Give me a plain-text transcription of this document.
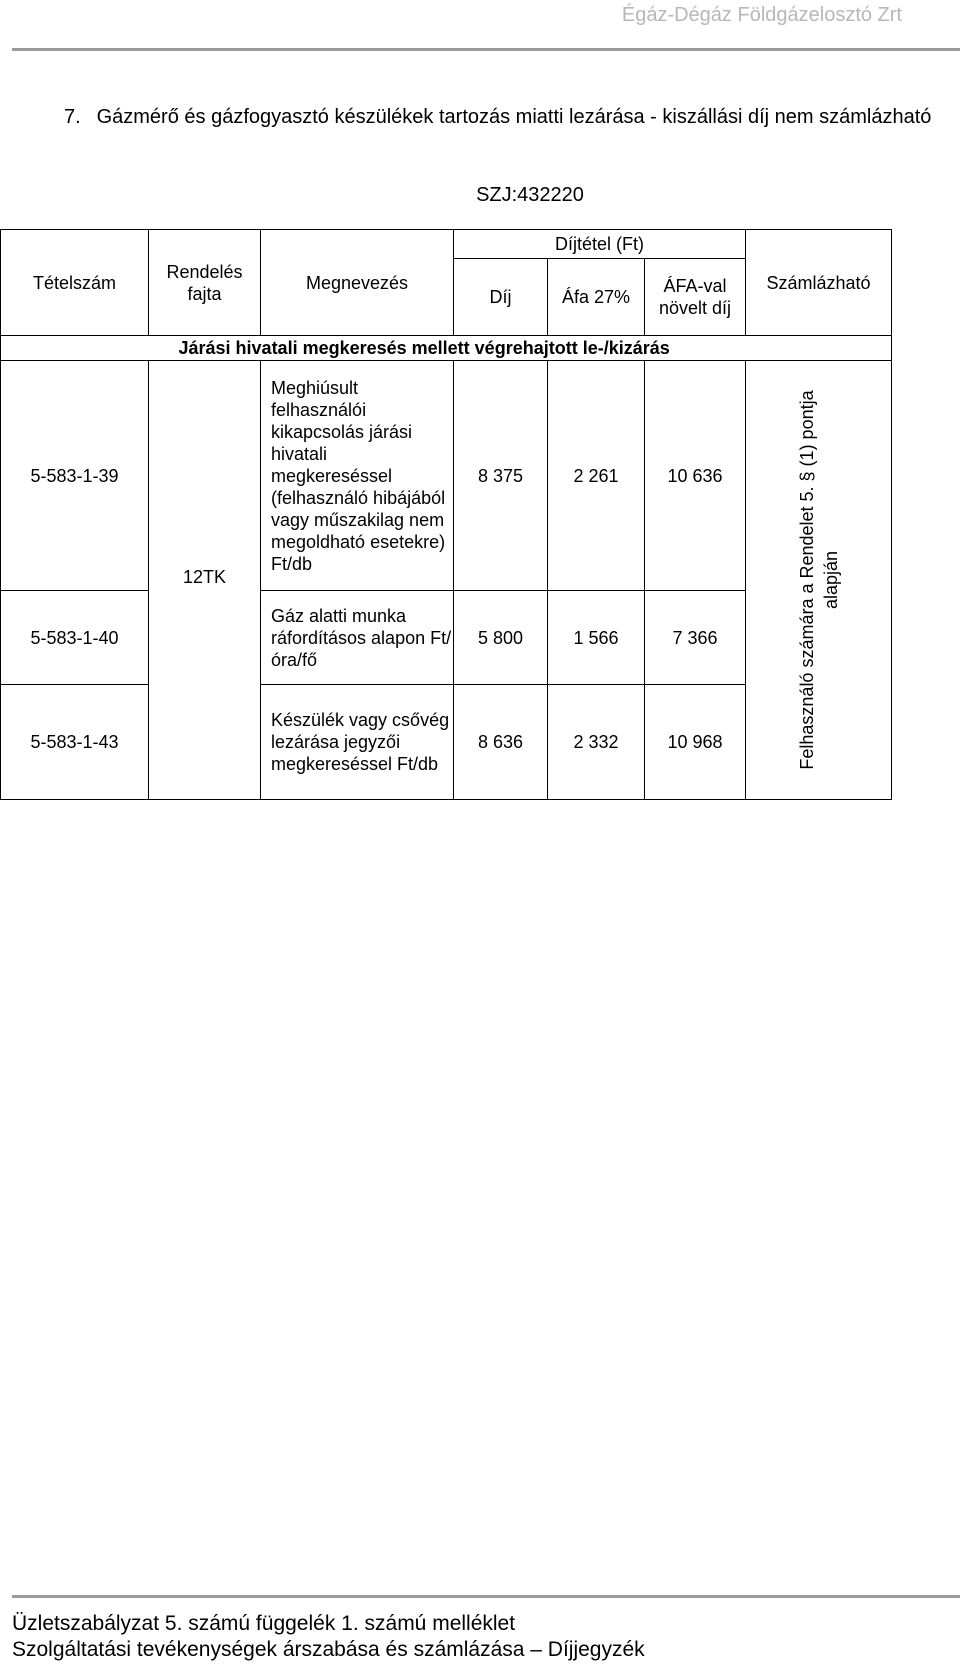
Égáz-Dégáz Földgázelosztó Zrt
7. Gázmérő és gázfogyasztó készülékek tartozás miatti lezárása - kiszállási díj nem számlázható
SZJ:432220
Tételszám	Rendelés fajta	Megnevezés	Díjtétel (Ft)			Számlázható
			Díj	Áfa 27%	ÁFA-val növelt díj	
	Járási hivatali megkeresés mellett végrehajtott le-/kizárás					
5-583-1-39	12TK	Meghiúsult felhasználói kikapcsolás járási hivatali megkereséssel (felhasználó hibájából vagy műszakilag nem megoldható esetekre) Ft/db	8 375	2 261	10 636	Felhasználó számára a Rendelet 5. § (1) pontja alapján

5-583-1-40		Gáz alatti munka ráfordításos alapon Ft/óra/fő	5 800	1 566	7 366	
5-583-1-43		Készülék vagy csővég lezárása jegyzői megkereséssel Ft/db	8 636	2 332	10 968	
Üzletszabályzat 5. számú függelék 1. számú melléklet
Szolgáltatási tevékenységek árszabása és számlázása – Díjjegyzék
